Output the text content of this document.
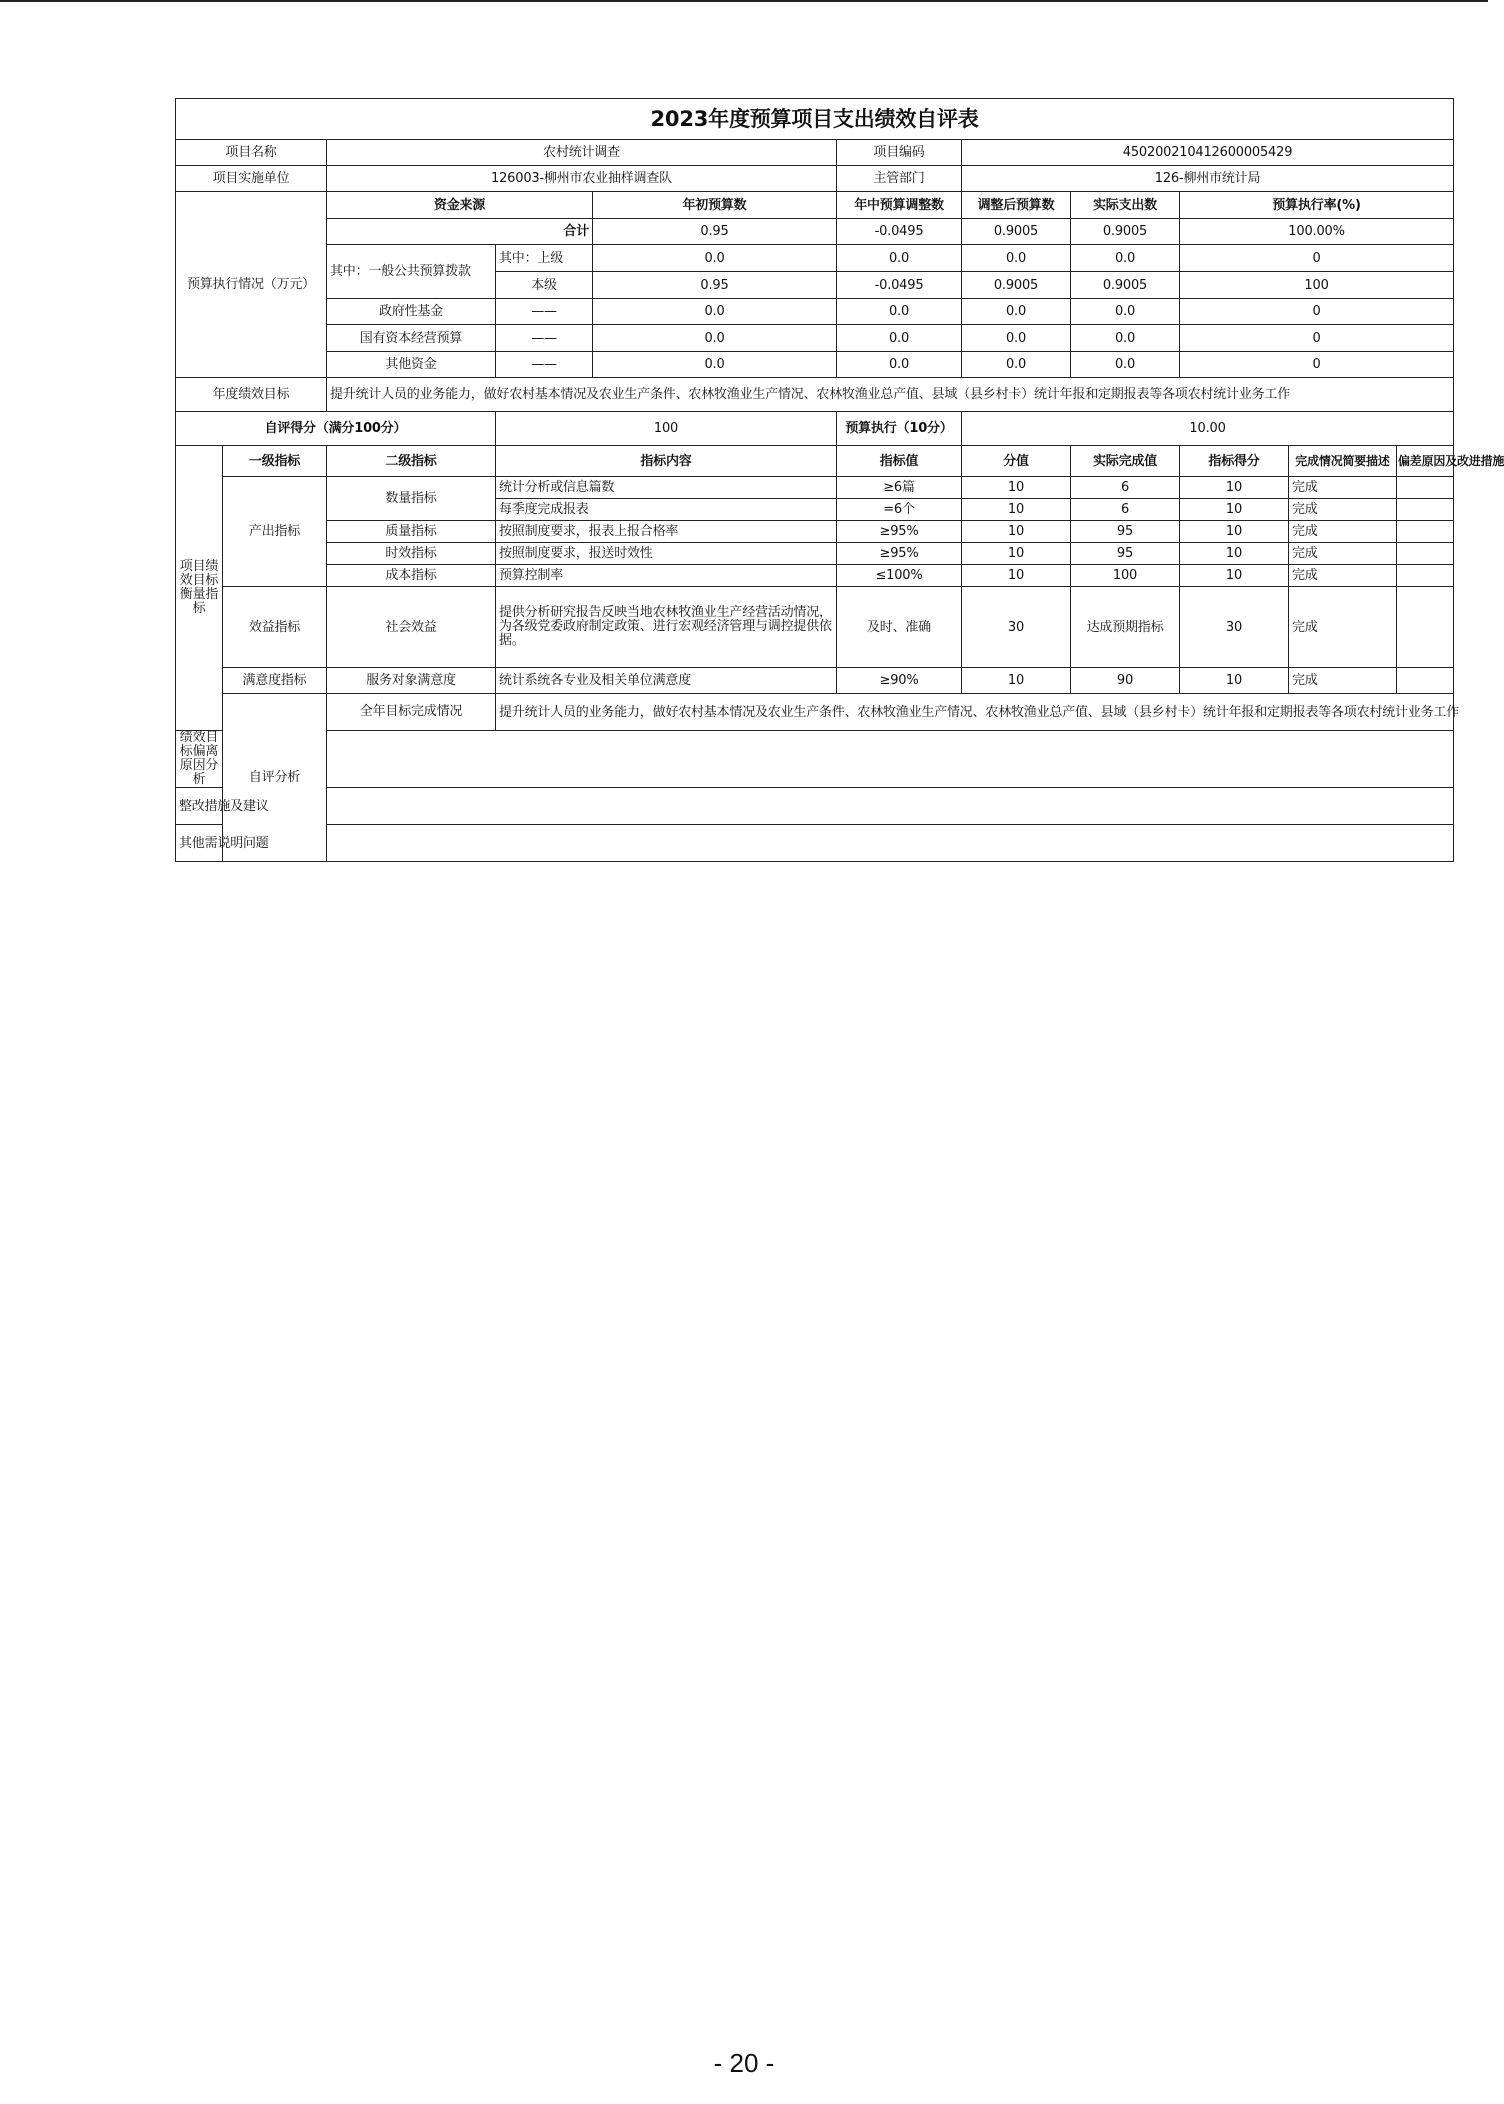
2023年度预算项目支出绩效自评表										
项目名称		农村统计调查			项目编码	450200210412600005429				
项目实施单位		126003-柳州市农业抽样调查队			主管部门	126-柳州市统计局				
预算执行情况（万元）		资金来源		年初预算数	年中预算调整数	调整后预算数	实际支出数	预算执行率(%)		
		合计		0.95	-0.0495	0.9005	0.9005	100.00%		
		其中：一般公共预算拨款	其中：上级	0.0	0.0	0.0	0.0	0		
			本级	0.95	-0.0495	0.9005	0.9005	100		
		政府性基金	——	0.0	0.0	0.0	0.0	0		
		国有资本经营预算	——	0.0	0.0	0.0	0.0	0		
		其他资金	——	0.0	0.0	0.0	0.0	0		
年度绩效目标		提升统计人员的业务能力，做好农村基本情况及农业生产条件、农林牧渔业生产情况、农林牧渔业总产值、县域（县乡村卡）统计年报和定期报表等各项农村统计业务工作								
自评得分（满分100分）			100		预算执行（10分）	10.00				
项目绩效目标衡量指标	一级指标	二级指标	指标内容		指标值	分值	实际完成值	指标得分	完成情况简要描述	偏差原因及改进措施
	产出指标	数量指标	统计分析或信息篇数		≥6篇	10	6	10	完成	
			每季度完成报表		=6个	10	6	10	完成	
		质量指标	按照制度要求，报表上报合格率		≥95%	10	95	10	完成	
		时效指标	按照制度要求，报送时效性		≥95%	10	95	10	完成	
		成本指标	预算控制率		≤100%	10	100	10	完成	
	效益指标	社会效益	提供分析研究报告反映当地农林牧渔业生产经营活动情况，为各级党委政府制定政策、进行宏观经济管理与调控提供依据。		及时、准确	30	达成预期指标	30	完成	
	满意度指标	服务对象满意度	统计系统各专业及相关单位满意度		≥90%	10	90	10	完成	
	自评分析	全年目标完成情况	提升统计人员的业务能力，做好农村基本情况及农业生产条件、农林牧渔业生产情况、农林牧渔业总产值、县域（县乡村卡）统计年报和定期报表等各项农村统计业务工作							
绩效目标偏离原因分析										
整改措施及建议										
其他需说明问题										
- 20 -
